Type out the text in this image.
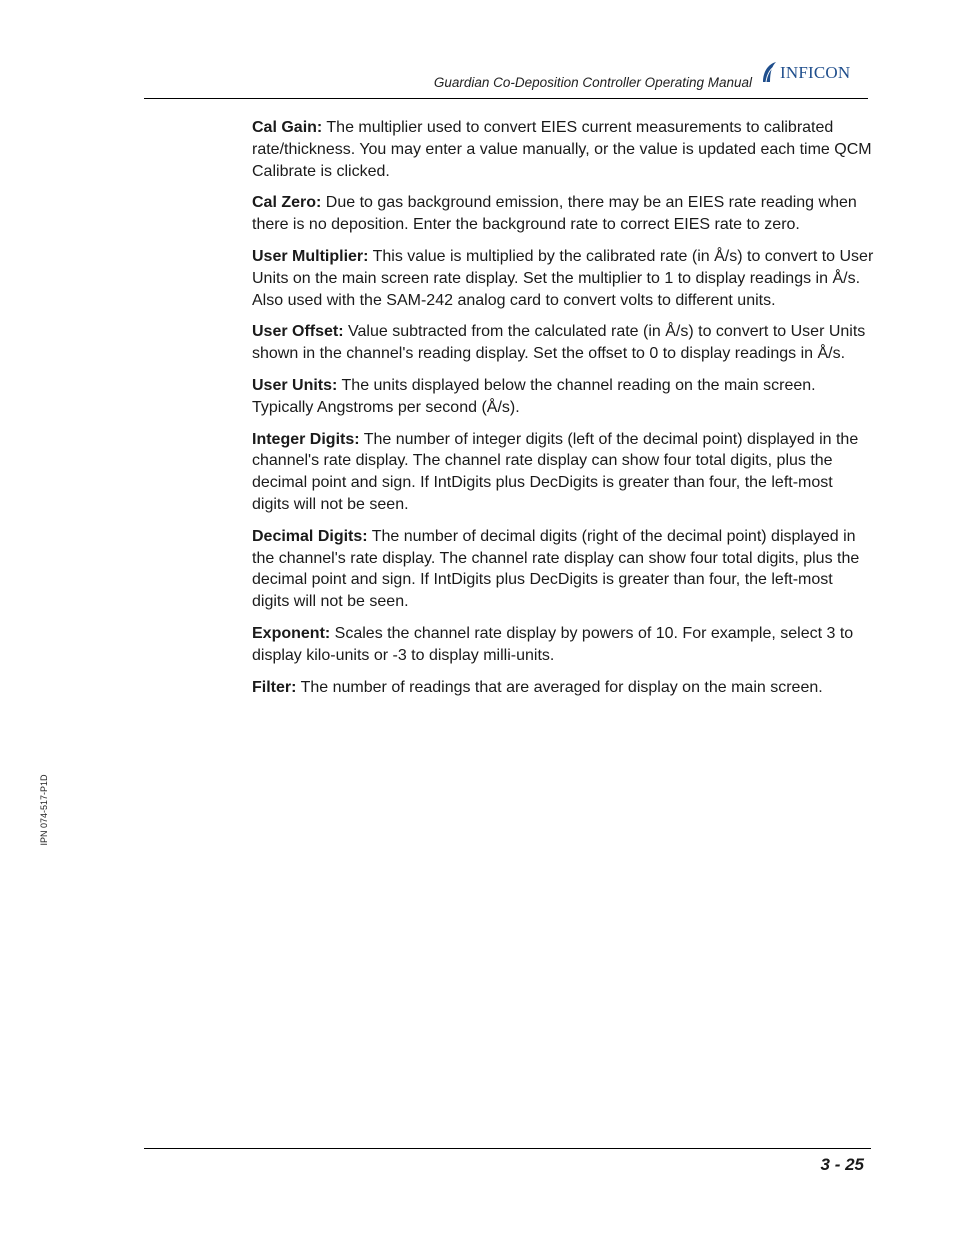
Guardian Co-Deposition Controller Operating Manual
INFICON

Cal Gain: The multiplier used to convert EIES current measurements to calibrated rate/thickness. You may enter a value manually, or the value is updated each time QCM Calibrate is clicked.

Cal Zero: Due to gas background emission, there may be an EIES rate reading when there is no deposition. Enter the background rate to correct EIES rate to zero.

User Multiplier: This value is multiplied by the calibrated rate (in Å/s) to convert to User Units on the main screen rate display. Set the multiplier to 1 to display readings in Å/s. Also used with the SAM-242 analog card to convert volts to different units.

User Offset: Value subtracted from the calculated rate (in Å/s) to convert to User Units shown in the channel's reading display. Set the offset to 0 to display readings in Å/s.

User Units: The units displayed below the channel reading on the main screen. Typically Angstroms per second (Å/s).

Integer Digits: The number of integer digits (left of the decimal point) displayed in the channel's rate display. The channel rate display can show four total digits, plus the decimal point and sign. If IntDigits plus DecDigits is greater than four, the left-most digits will not be seen.

Decimal Digits: The number of decimal digits (right of the decimal point) displayed in the channel's rate display. The channel rate display can show four total digits, plus the decimal point and sign. If IntDigits plus DecDigits is greater than four, the left-most digits will not be seen.

Exponent: Scales the channel rate display by powers of 10. For example, select 3 to display kilo-units or -3 to display milli-units.

Filter: The number of readings that are averaged for display on the main screen.

IPN 074-517-P1D
3 - 25
